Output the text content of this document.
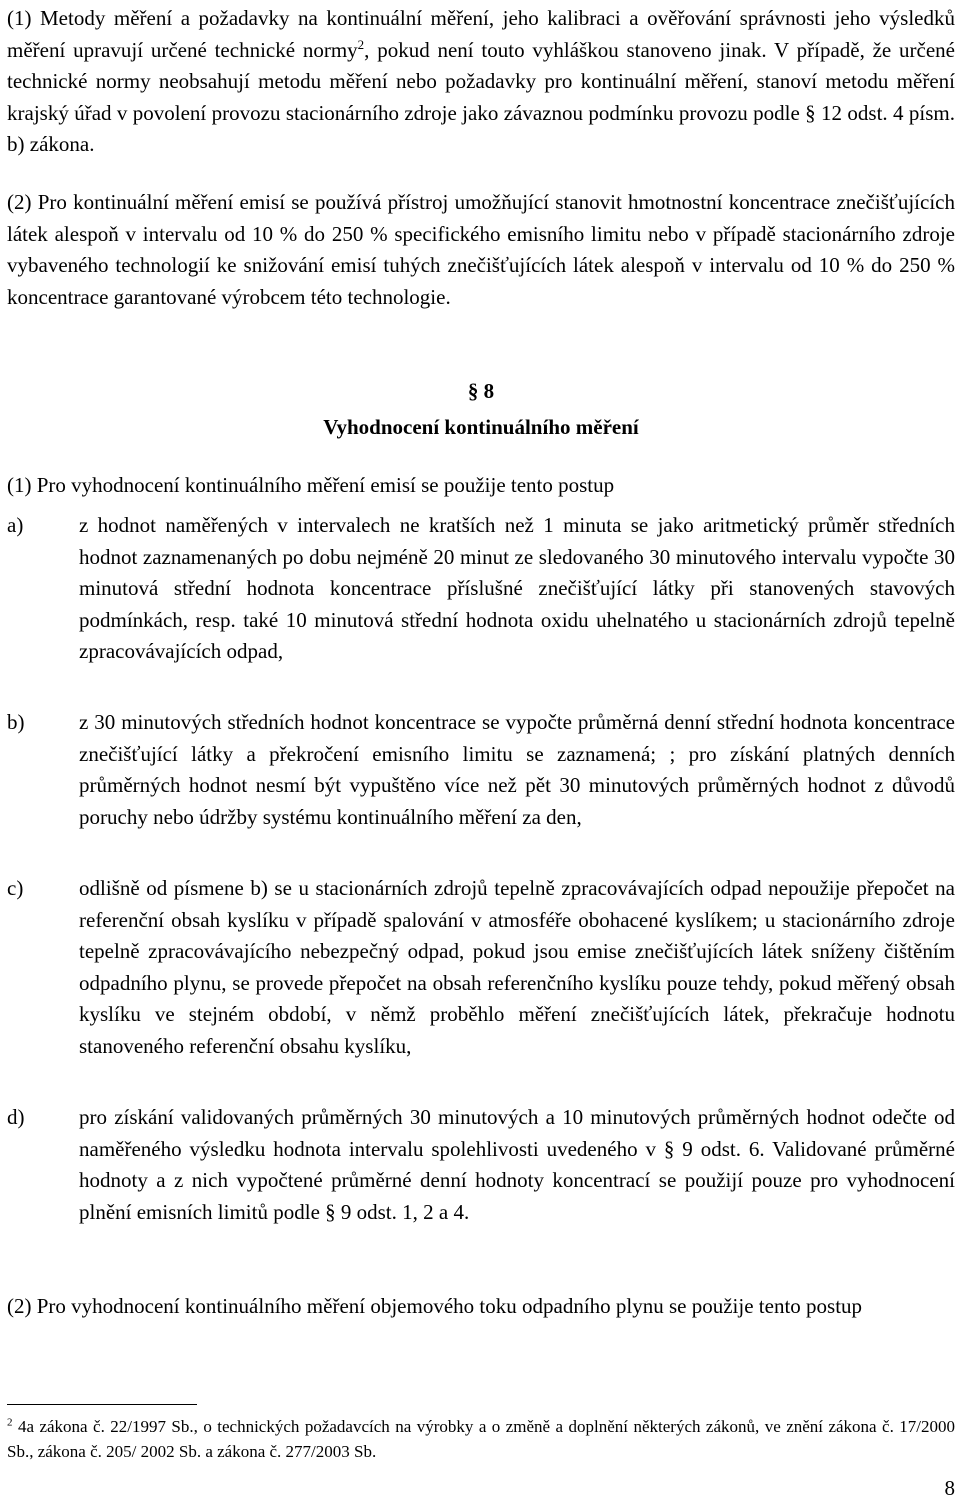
(1) Metody měření a požadavky na kontinuální měření, jeho kalibraci a ověřování správnosti jeho výsledků měření upravují určené technické normy$^2$, pokud není touto vyhláškou stanoveno jinak. V případě, že určené technické normy neobsahují metodu měření nebo požadavky pro kontinuální měření, stanoví metodu měření krajský úřad v povolení provozu stacionárního zdroje jako závaznou podmínku provozu podle § 12 odst. 4 písm. b) zákona.

(2) Pro kontinuální měření emisí se používá přístroj umožňující stanovit hmotnostní koncentrace znečišťujících látek alespoň v intervalu od 10 % do 250 % specifického emisního limitu nebo v případě stacionárního zdroje vybaveného technologií ke snižování emisí tuhých znečišťujících látek alespoň v intervalu od 10 % do 250 % koncentrace garantované výrobcem této technologie.

§ 8
Vyhodnocení kontinuálního měření

(1) Pro vyhodnocení kontinuálního měření emisí se použije tento postup

a)	z hodnot naměřených v intervalech ne kratších než 1 minuta se jako aritmetický průměr středních hodnot zaznamenaných po dobu nejméně 20 minut ze sledovaného 30 minutového intervalu vypočte 30 minutová střední hodnota koncentrace příslušné znečišťující látky při stanovených stavových podmínkách, resp. také 10 minutová střední hodnota oxidu uhelnatého u stacionárních zdrojů tepelně zpracovávajících odpad,
b)	z 30 minutových středních hodnot koncentrace se vypočte průměrná denní střední hodnota koncentrace znečišťující látky a překročení emisního limitu se zaznamená; ; pro získání platných denních průměrných hodnot nesmí být vypuštěno více než pět 30 minutových průměrných hodnot z důvodů poruchy nebo údržby systému kontinuálního měření za den,
c)	odlišně od písmene b) se u stacionárních zdrojů tepelně zpracovávajících odpad nepoužije přepočet na referenční obsah kyslíku v případě spalování v atmosféře obohacené kyslíkem; u stacionárního zdroje tepelně zpracovávajícího nebezpečný odpad, pokud jsou emise znečišťujících látek sníženy čištěním odpadního plynu, se provede přepočet na obsah referenčního kyslíku pouze tehdy, pokud měřený obsah kyslíku ve stejném období, v němž proběhlo měření znečišťujících látek, překračuje hodnotu stanoveného referenční obsahu kyslíku,
d)	pro získání validovaných průměrných 30 minutových a 10 minutových průměrných hodnot odečte od naměřeného výsledku hodnota intervalu spolehlivosti uvedeného v § 9 odst. 6. Validované průměrné hodnoty a z nich vypočtené průměrné denní hodnoty koncentrací se použijí pouze pro vyhodnocení plnění emisních limitů podle § 9 odst. 1, 2 a 4.

(2) Pro vyhodnocení kontinuálního měření objemového toku odpadního plynu se použije tento postup

$^2$ 4a zákona č. 22/1997 Sb., o technických požadavcích na výrobky a o změně a doplnění některých zákonů, ve znění zákona č. 17/2000 Sb., zákona č. 205/ 2002 Sb. a zákona č. 277/2003 Sb.

8
